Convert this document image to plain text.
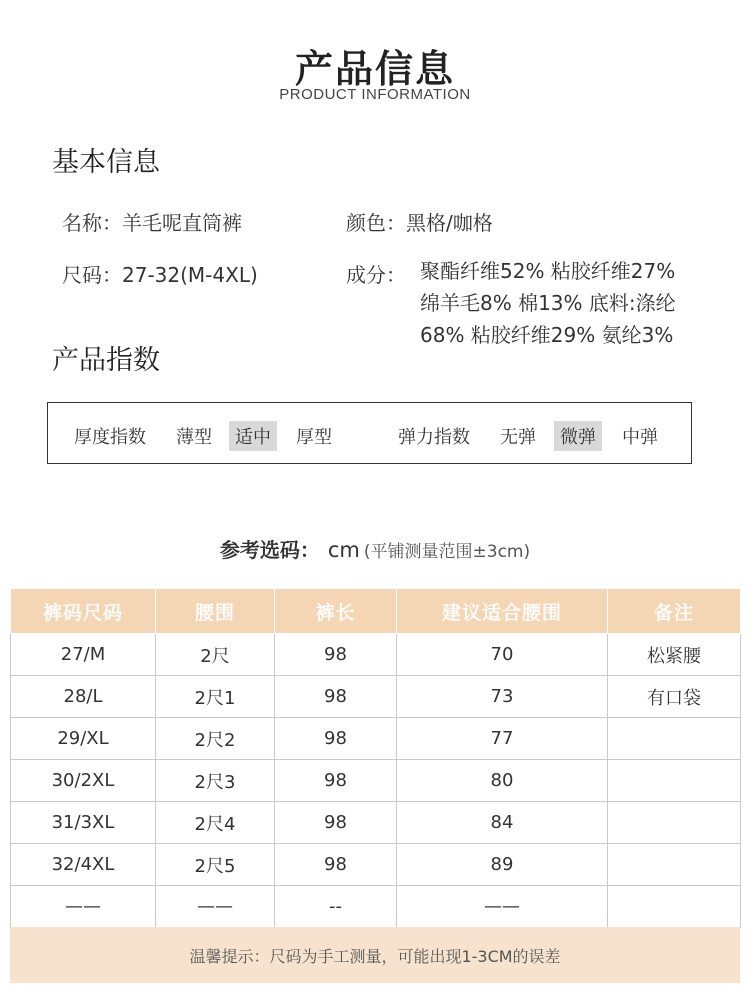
产品信息
PRODUCT INFORMATION
基本信息
名称：羊毛呢直筒裤	颜色：黑格/咖格
尺码：27-32(M-4XL)	成分： 聚酯纤维52% 粘胶纤维27%
绵羊毛8% 棉13% 底料:涤纶
68% 粘胶纤维29% 氨纶3%
产品指数
厚度指数 薄型	适中	厚型	弹力指数 无弹	微弹	中弹
参考选码： cm (平铺测量范围±3cm)
裤码尺码	腰围	裤长	建议适合腰围	备注
27/M	2尺	98	70	松紧腰
28/L	2尺1	98	73	有口袋
29/XL	2尺2	98	77	
30/2XL	2尺3	98	80	
31/3XL	2尺4	98	84	
32/4XL	2尺5	98	89	
——	——	--	——	
温馨提示：尺码为手工测量，可能出现1-3CM的误差
